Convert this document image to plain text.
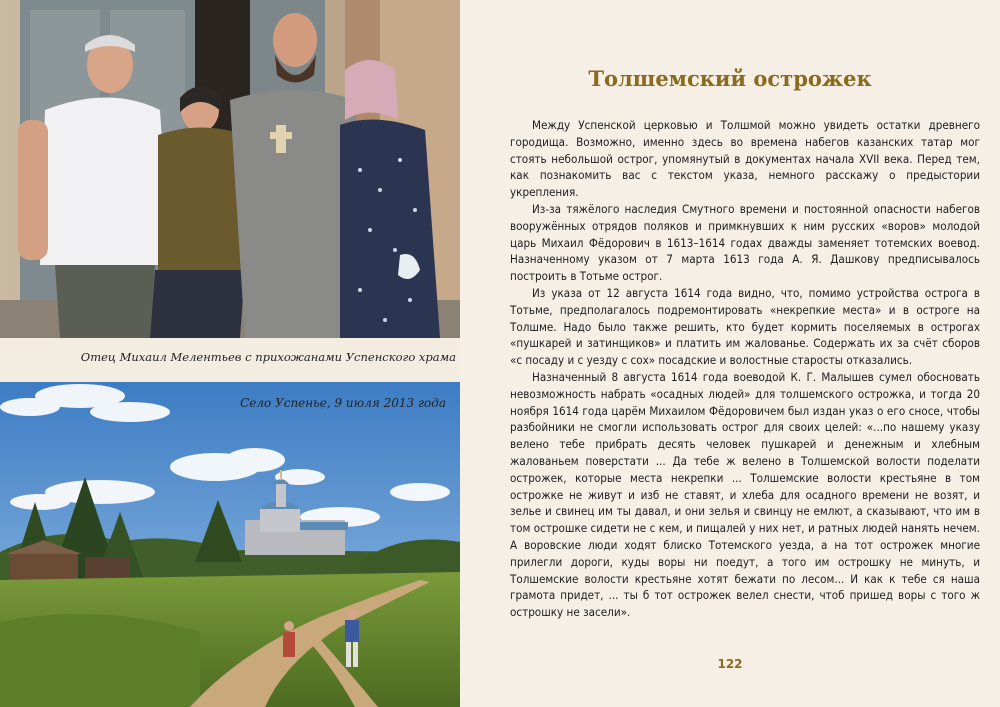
Отец Михаил Мелентьев с прихожанами Успенского храма
Село Успенье, 9 июля 2013 года
Толшемский острожек

Между Успенской церковью и Толшмой можно увидеть остатки древнего городища. Возможно, именно здесь во времена набегов казанских татар мог стоять небольшой острог, упомянутый в документах начала XVII века. Перед тем, как познакомить вас с текстом указа, немного расскажу о предыстории укрепления.

Из-за тяжёлого наследия Смутного времени и постоянной опасности набегов вооружённых отрядов поляков и примкнувших к ним русских «воров» молодой царь Михаил Фёдорович в 1613–1614 годах дважды заменяет тотемских воевод. Назначенному указом от 7 марта 1613 года А. Я. Дашкову предписывалось построить в Тотьме острог.

Из указа от 12 августа 1614 года видно, что, помимо устройства острога в Тотьме, предполагалось подремонтировать «некрепкие места» и в остроге на Толшме. Надо было также решить, кто будет кормить поселяемых в острогах «пушкарей и затинщиков» и платить им жалованье. Содержать их за счёт сборов «с посаду и с уезду с сох» посадские и волостные старосты отказались.

Назначенный 8 августа 1614 года воеводой К. Г. Малышев сумел обосновать невозможность набрать «осадных людей» для толшемского острожка, и тогда 20 ноября 1614 года царём Михаилом Фёдоровичем был издан указ о его сносе, чтобы разбойники не смогли использовать острог для своих целей: «...по нашему указу велено тебе прибрать десять человек пушкарей и денежным и хлебным жалованьем поверстати ... Да тебе ж велено в Толшемской волости поделати острожек, которые места некрепки ... Толшемские волости крестьяне в том острожке не живут и изб не ставят, и хлеба для осадного времени не возят, и зелье и свинец им ты давал, и они зелья и свинцу не емлют, а сказывают, что им в том острошке сидети не с кем, и пищалей у них нет, и ратных людей нанять нечем. А воровские люди ходят блиско Тотемского уезда, а на тот острожек многие прилегли дороги, куды воры ни поедут, а того им острошку не минуть, и Толшемские волости крестьяне хотят бежати по лесом... И как к тебе ся наша грамота придет, ... ты б тот острожек велел снести, чтоб пришед воры с того ж острошку не засели».

122
